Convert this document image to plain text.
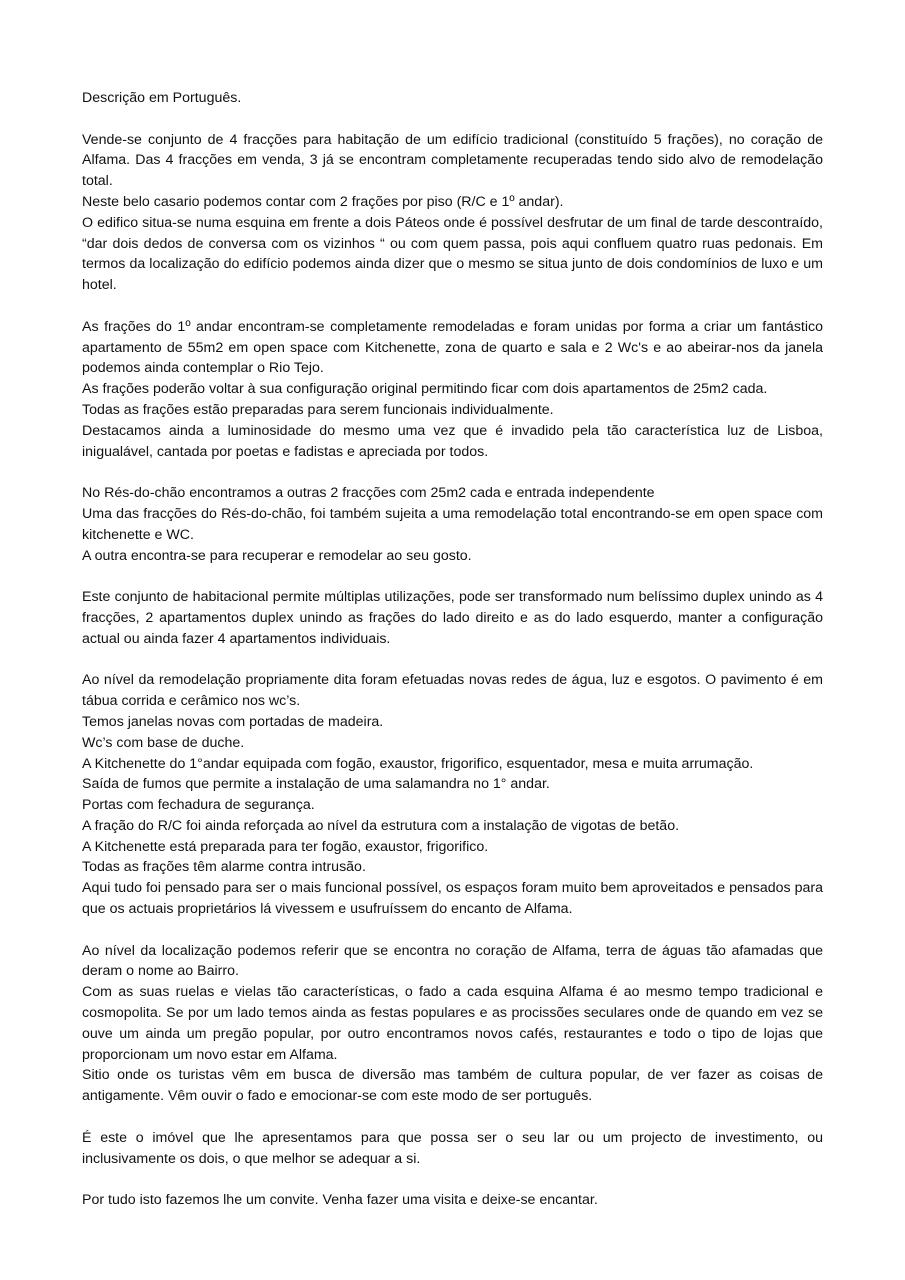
Descrição em Português.

Vende-se conjunto de 4 fracções para habitação de um edifício tradicional (constituído 5 frações), no coração de Alfama. Das 4 fracções em venda, 3 já se encontram completamente recuperadas tendo sido alvo de remodelação total.

Neste belo casario podemos contar com 2 frações por piso (R/C e 1º andar).

O edifico situa-se numa esquina em frente a dois Páteos onde é possível desfrutar de um final de tarde descontraído, “dar dois dedos de conversa com os vizinhos “ ou com quem passa, pois aqui confluem quatro ruas pedonais. Em termos da localização do edifício podemos ainda dizer que o mesmo se situa junto de dois condomínios de luxo e um hotel.

As frações do 1º andar encontram-se completamente remodeladas e foram unidas por forma a criar um fantástico apartamento de 55m2 em open space com Kitchenette, zona de quarto e sala e 2 Wc's e ao abeirar-nos da janela podemos ainda contemplar o Rio Tejo.

As frações poderão voltar à sua configuração original permitindo ficar com dois apartamentos de 25m2 cada.

Todas as frações estão preparadas para serem funcionais individualmente.

Destacamos ainda a luminosidade do mesmo uma vez que é invadido pela tão característica luz de Lisboa, inigualável, cantada por poetas e fadistas e apreciada por todos.

No Rés-do-chão encontramos a outras 2 fracções com 25m2 cada e entrada independente

Uma das fracções do Rés-do-chão, foi também sujeita a uma remodelação total encontrando-se em open space com kitchenette e WC.

A outra encontra-se para recuperar e remodelar ao seu gosto.

Este conjunto de habitacional permite múltiplas utilizações, pode ser transformado num belíssimo duplex unindo as 4 fracções, 2 apartamentos duplex unindo as frações do lado direito e as do lado esquerdo, manter a configuração actual ou ainda fazer 4 apartamentos individuais.

Ao nível da remodelação propriamente dita foram efetuadas novas redes de água, luz e esgotos. O pavimento é em tábua corrida e cerâmico nos wc’s.

Temos janelas novas com portadas de madeira.

Wc’s com base de duche.

A Kitchenette do 1°andar equipada com fogão, exaustor, frigorifico, esquentador, mesa e muita arrumação.

Saída de fumos que permite a instalação de uma salamandra no 1° andar.

Portas com fechadura de segurança.

A fração do R/C foi ainda reforçada ao nível da estrutura com a instalação de vigotas de betão.

A Kitchenette está preparada para ter fogão, exaustor, frigorifico.

Todas as frações têm alarme contra intrusão.

Aqui tudo foi pensado para ser o mais funcional possível, os espaços foram muito bem aproveitados e pensados para que os actuais proprietários lá vivessem e usufruíssem do encanto de Alfama.

Ao nível da localização podemos referir que se encontra no coração de Alfama, terra de águas tão afamadas que deram o nome ao Bairro.

Com as suas ruelas e vielas tão características, o fado a cada esquina Alfama é ao mesmo tempo tradicional e cosmopolita. Se por um lado temos ainda as festas populares e as procissões seculares onde de quando em vez se ouve um ainda um pregão popular, por outro encontramos novos cafés, restaurantes e todo o tipo de lojas que proporcionam um novo estar em Alfama.

Sitio onde os turistas vêm em busca de diversão mas também de cultura popular, de ver fazer as coisas de antigamente. Vêm ouvir o fado e emocionar-se com este modo de ser português.

É este o imóvel que lhe apresentamos para que possa ser o seu lar ou um projecto de investimento, ou inclusivamente os dois, o que melhor se adequar a si.

Por tudo isto fazemos lhe um convite. Venha fazer uma visita e deixe-se encantar.
